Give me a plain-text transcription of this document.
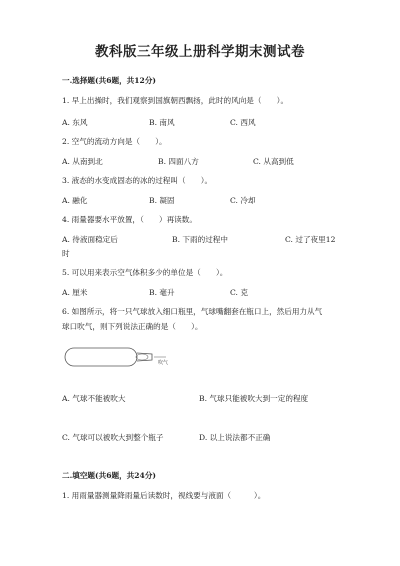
教科版三年级上册科学期末测试卷
一.选择题(共6题，共12分)
1. 早上出操时，我们观察到国旗朝西飘扬，此时的风向是（　　）。
A. 东风	B. 南风	C. 西风
2. 空气的流动方向是（　　）。
A. 从南到北	B. 四面八方	C. 从高到低
3. 液态的水变成固态的冰的过程叫（　　）。
A. 融化	B. 凝固	C. 冷却
4. 雨量器要水平放置，（　　）再读数。
A. 待液面稳定后	B. 下雨的过程中	C. 过了夜里12
时
5. 可以用来表示空气体积多少的单位是（　　）。
A. 厘米	B. 毫升	C. 克
6. 如图所示，将一只气球放入细口瓶里，气球嘴翻套在瓶口上，然后用力从气
球口吹气，则下列说法正确的是（　　）。
吹气
A. 气球不能被吹大	B. 气球只能被吹大到一定的程度
C. 气球可以被吹大到整个瓶子	D. 以上说法都不正确
二.填空题(共6题，共24分)
1. 用雨量器测量降雨量后读数时，视线要与液面（　　　）。
